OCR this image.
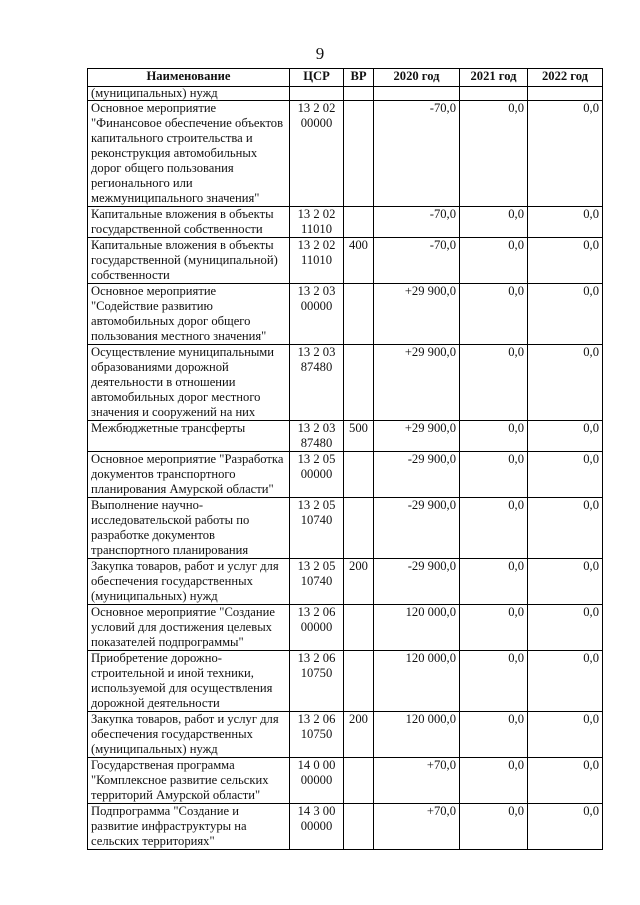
9
Наименование	ЦСР	ВР	2020 год	2021 год	2022 год
(муниципальных) нужд					
Основное мероприятие "Финансовое обеспечение объектов капитального строительства и реконструкция автомобильных дорог общего пользования регионального или межмуниципального значения"	13 2 02 00000		-70,0	0,0	0,0
Капитальные вложения в объекты государственной собственности	13 2 02 11010		-70,0	0,0	0,0
Капитальные вложения в объекты государственной (муниципальной) собственности	13 2 02 11010	400	-70,0	0,0	0,0
Основное мероприятие "Содействие развитию автомобильных дорог общего пользования местного значения"	13 2 03 00000		+29 900,0	0,0	0,0
Осуществление муниципальными образованиями дорожной деятельности в отношении автомобильных дорог местного значения и сооружений на них	13 2 03 87480		+29 900,0	0,0	0,0
Межбюджетные трансферты	13 2 03 87480	500	+29 900,0	0,0	0,0
Основное мероприятие "Разработка документов транспортного планирования Амурской области"	13 2 05 00000		-29 900,0	0,0	0,0
Выполнение научно-исследовательской работы по разработке документов транспортного планирования	13 2 05 10740		-29 900,0	0,0	0,0
Закупка товаров, работ и услуг для обеспечения государственных (муниципальных) нужд	13 2 05 10740	200	-29 900,0	0,0	0,0
Основное мероприятие "Создание условий для достижения целевых показателей подпрограммы"	13 2 06 00000		120 000,0	0,0	0,0
Приобретение дорожно-строительной и иной техники, используемой для осуществления дорожной деятельности	13 2 06 10750		120 000,0	0,0	0,0
Закупка товаров, работ и услуг для обеспечения государственных (муниципальных) нужд	13 2 06 10750	200	120 000,0	0,0	0,0
Государственая программа "Комплексное развитие сельских территорий Амурской области"	14 0 00 00000		+70,0	0,0	0,0
Подпрограмма "Создание и развитие инфраструктуры на сельских территориях"	14 3 00 00000		+70,0	0,0	0,0
